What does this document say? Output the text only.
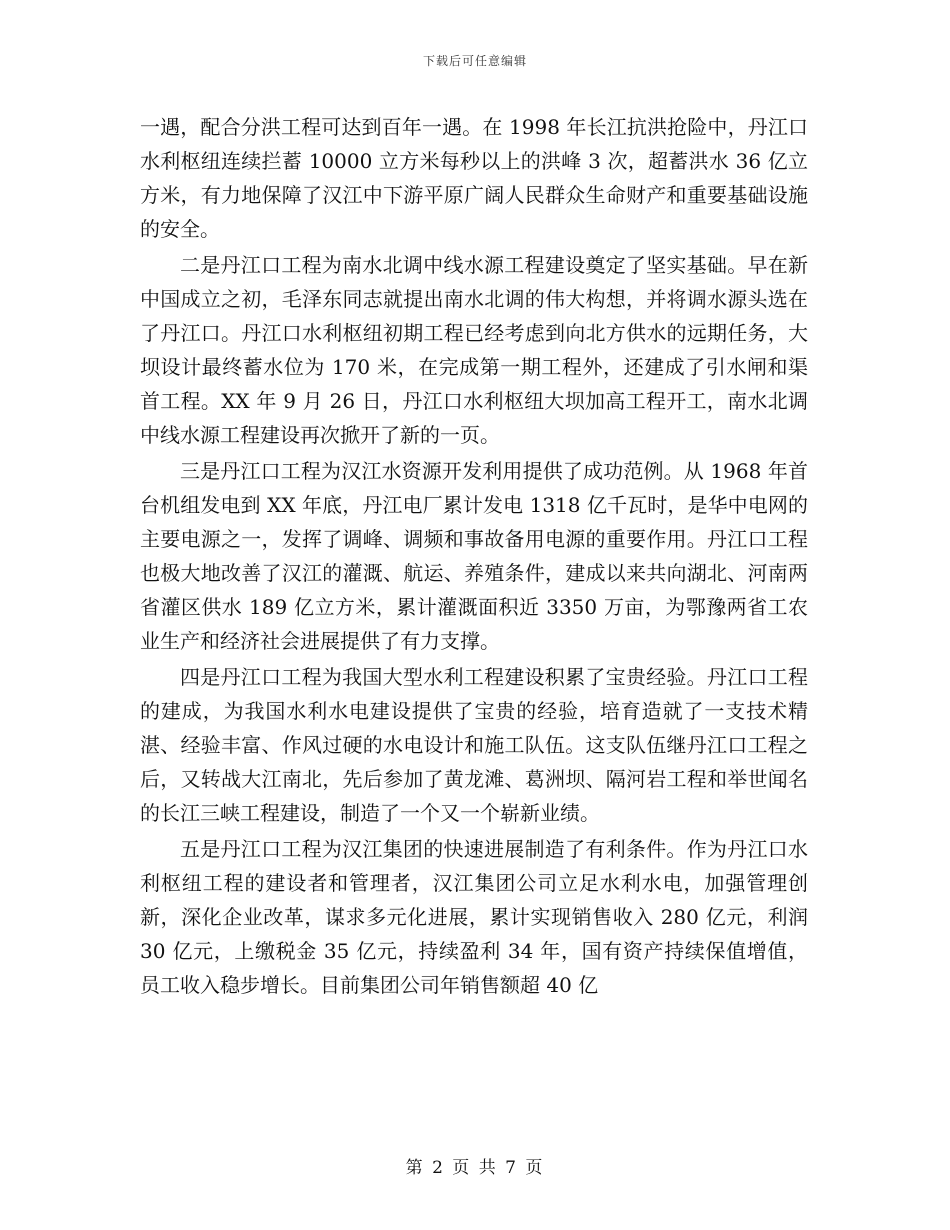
下载后可任意编辑

一遇，配合分洪工程可达到百年一遇。在 1998 年长江抗洪抢险中，丹江口水利枢纽连续拦蓄 10000 立方米每秒以上的洪峰 3 次，超蓄洪水 36 亿立方米，有力地保障了汉江中下游平原广阔人民群众生命财产和重要基础设施的安全。

二是丹江口工程为南水北调中线水源工程建设奠定了坚实基础。早在新中国成立之初，毛泽东同志就提出南水北调的伟大构想，并将调水源头选在了丹江口。丹江口水利枢纽初期工程已经考虑到向北方供水的远期任务，大坝设计最终蓄水位为 170 米，在完成第一期工程外，还建成了引水闸和渠首工程。XX 年 9 月 26 日，丹江口水利枢纽大坝加高工程开工，南水北调中线水源工程建设再次掀开了新的一页。

三是丹江口工程为汉江水资源开发利用提供了成功范例。从 1968 年首台机组发电到 XX 年底，丹江电厂累计发电 1318 亿千瓦时，是华中电网的主要电源之一，发挥了调峰、调频和事故备用电源的重要作用。丹江口工程也极大地改善了汉江的灌溉、航运、养殖条件，建成以来共向湖北、河南两省灌区供水 189 亿立方米，累计灌溉面积近 3350 万亩，为鄂豫两省工农业生产和经济社会进展提供了有力支撑。

四是丹江口工程为我国大型水利工程建设积累了宝贵经验。丹江口工程的建成，为我国水利水电建设提供了宝贵的经验，培育造就了一支技术精湛、经验丰富、作风过硬的水电设计和施工队伍。这支队伍继丹江口工程之后，又转战大江南北，先后参加了黄龙滩、葛洲坝、隔河岩工程和举世闻名的长江三峡工程建设，制造了一个又一个崭新业绩。

五是丹江口工程为汉江集团的快速进展制造了有利条件。作为丹江口水利枢纽工程的建设者和管理者，汉江集团公司立足水利水电，加强管理创新，深化企业改革，谋求多元化进展，累计实现销售收入 280 亿元，利润 30 亿元，上缴税金 35 亿元，持续盈利 34 年，国有资产持续保值增值，员工收入稳步增长。目前集团公司年销售额超 40 亿

第 2 页 共 7 页
